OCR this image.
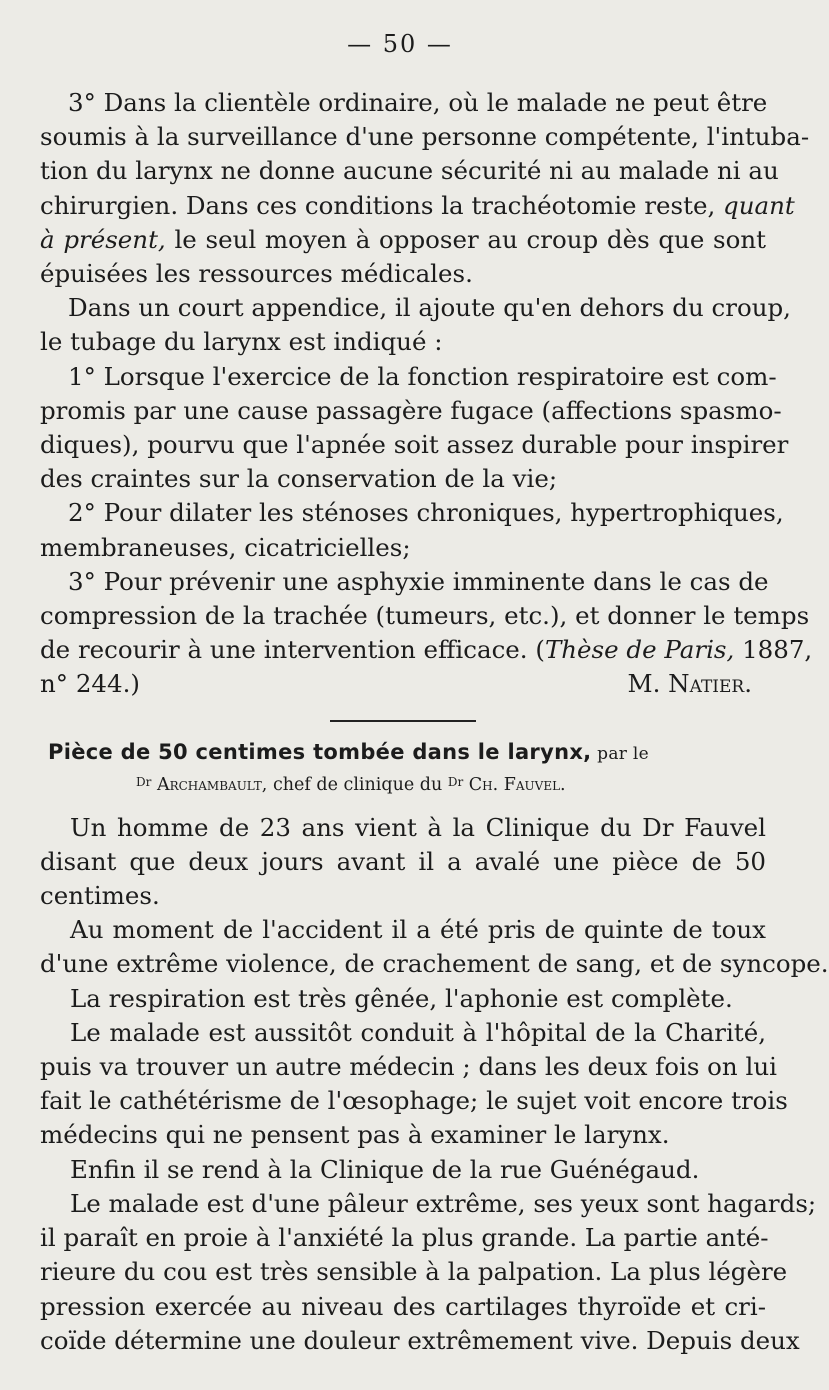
— 50 —

3° Dans la clientèle ordinaire, où le malade ne peut être

soumis à la surveillance d'une personne compétente, l'intuba-

tion du larynx ne donne aucune sécurité ni au malade ni au

chirurgien. Dans ces conditions la trachéotomie reste, quant

à présent, le seul moyen à opposer au croup dès que sont

épuisées les ressources médicales.

Dans un court appendice, il ajoute qu'en dehors du croup,

le tubage du larynx est indiqué :

1° Lorsque l'exercice de la fonction respiratoire est com-

promis par une cause passagère fugace (affections spasmo-

diques), pourvu que l'apnée soit assez durable pour inspirer

des craintes sur la conservation de la vie;

2° Pour dilater les sténoses chroniques, hypertrophiques,

membraneuses, cicatricielles;

3° Pour prévenir une asphyxie imminente dans le cas de

compression de la trachée (tumeurs, etc.), et donner le temps

de recourir à une intervention efficace. (Thèse de Paris, 1887,

n° 244.)	M. Natier.

Pièce de 50 centimes tombée dans le larynx, par le

$^{Dr}$ Archambault, chef de clinique du $^{Dr}$ Ch. Fauvel.

Un homme de 23 ans vient à la Clinique du Dr Fauvel

disant que deux jours avant il a avalé une pièce de 50

centimes.

Au moment de l'accident il a été pris de quinte de toux

d'une extrême violence, de crachement de sang, et de syncope.

La respiration est très gênée, l'aphonie est complète.

Le malade est aussitôt conduit à l'hôpital de la Charité,

puis va trouver un autre médecin ; dans les deux fois on lui

fait le cathétérisme de l'œsophage; le sujet voit encore trois

médecins qui ne pensent pas à examiner le larynx.

Enfin il se rend à la Clinique de la rue Guénégaud.

Le malade est d'une pâleur extrême, ses yeux sont hagards;

il paraît en proie à l'anxiété la plus grande. La partie anté-

rieure du cou est très sensible à la palpation. La plus légère

pression exercée au niveau des cartilages thyroïde et cri-

coïde détermine une douleur extrêmement vive. Depuis deux
